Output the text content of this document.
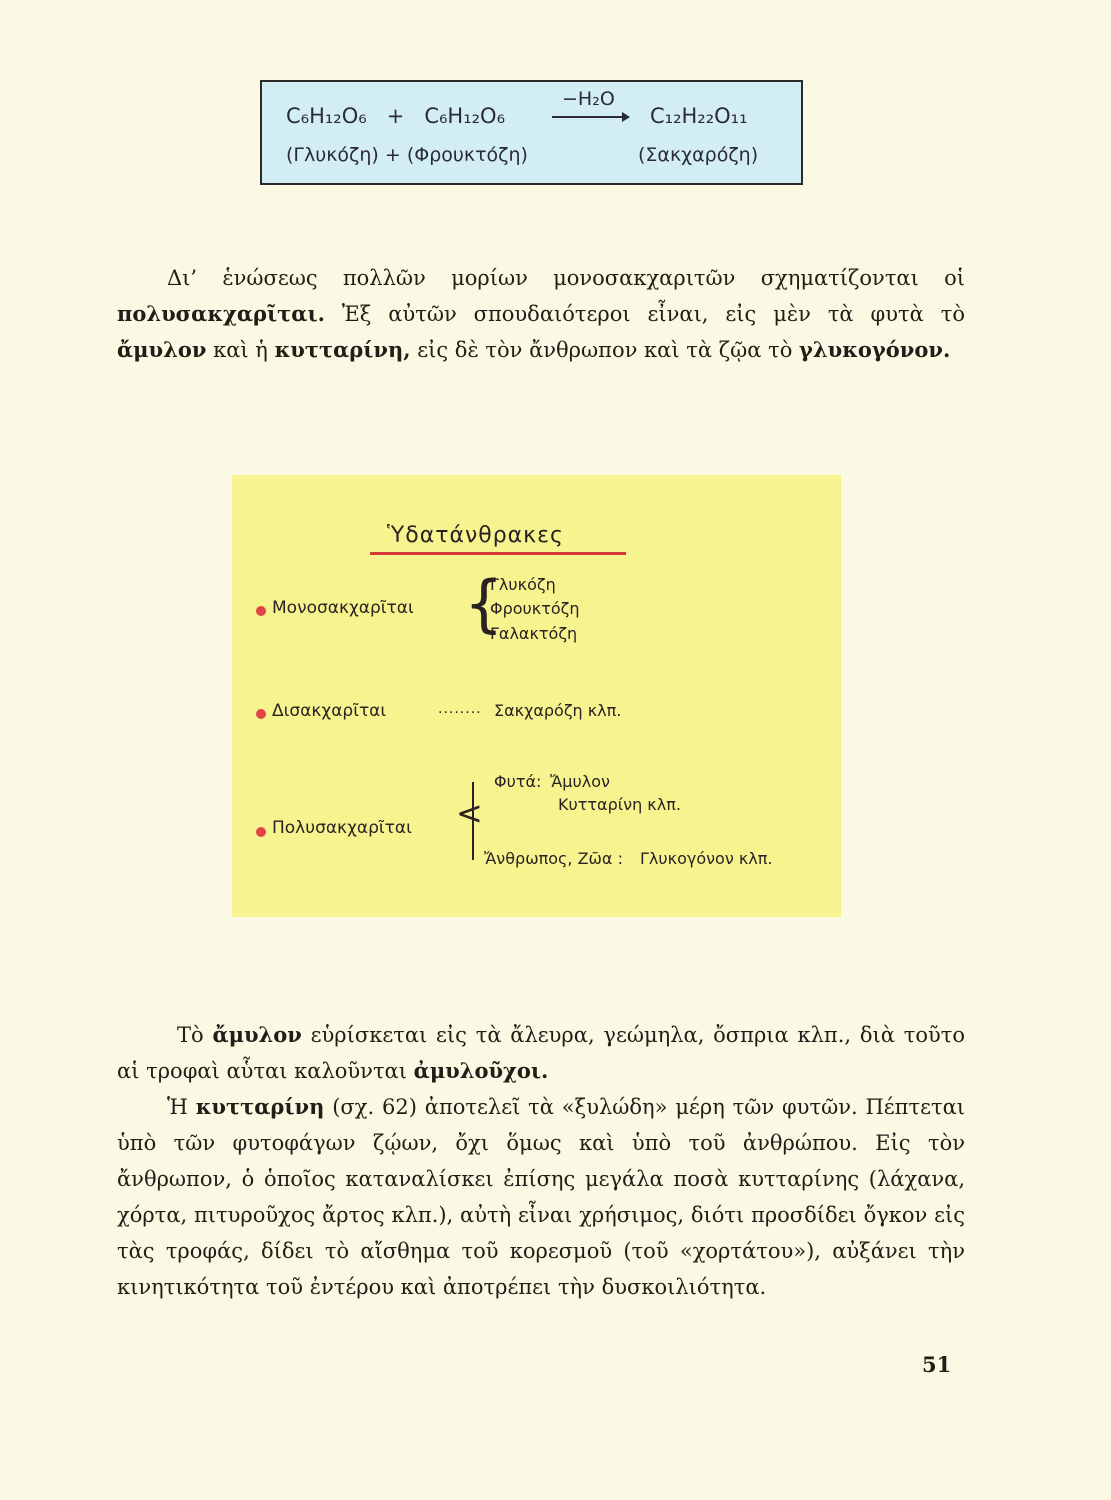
C₆H₁₂O₆ + C₆H₁₂O₆
−H₂O
C₁₂H₂₂O₁₁
(Γλυκόζη) + (Φρουκτόζη)	(Σακχαρόζη)
Δι’ ἑνώσεως πολλῶν μορίων μονοσακχαριτῶν σχηματίζονται οἱ πολυσακχαρῖται. Ἐξ αὐτῶν σπουδαιότεροι εἶναι, εἰς μὲν τὰ φυτὰ τὸ ἄμυλον καὶ ἡ κυτταρίνη, εἰς δὲ τὸν ἄνθρωπον καὶ τὰ ζῷα τὸ γλυκογόνον.
Ὑδατάνθρακες
Μονοσακχαρῖται {
Γλυκόζη
Φρουκτόζη
Γαλακτόζη
Δισακχαρῖται	........ Σακχαρόζη κλπ.
Πολυσακχαρῖται <
Φυτά: Ἄμυλον
Κυτταρίνη κλπ.
Ἄνθρωπος, Ζῶα : Γλυκογόνον κλπ.
Τὸ ἄμυλον εὑρίσκεται εἰς τὰ ἄλευρα, γεώμηλα, ὄσπρια κλπ., διὰ τοῦτο αἱ τροφαὶ αὗται καλοῦνται ἀμυλοῦχοι.
Ἡ κυτταρίνη (σχ. 62) ἀποτελεῖ τὰ «ξυλώδη» μέρη τῶν φυτῶν. Πέπτεται ὑπὸ τῶν φυτοφάγων ζῴων, ὄχι ὅμως καὶ ὑπὸ τοῦ ἀνθρώπου. Εἰς τὸν ἄνθρωπον, ὁ ὁποῖος καταναλίσκει ἐπίσης μεγάλα ποσὰ κυτταρίνης (λάχανα, χόρτα, πιτυροῦχος ἄρτος κλπ.), αὐτὴ εἶναι χρήσιμος, διότι προσδίδει ὄγκον εἰς τὰς τροφάς, δίδει τὸ αἴσθημα τοῦ κορεσμοῦ (τοῦ «χορτάτου»), αὐξάνει τὴν κινητικότητα τοῦ ἐντέρου καὶ ἀποτρέπει τὴν δυσκοιλιότητα.
51
